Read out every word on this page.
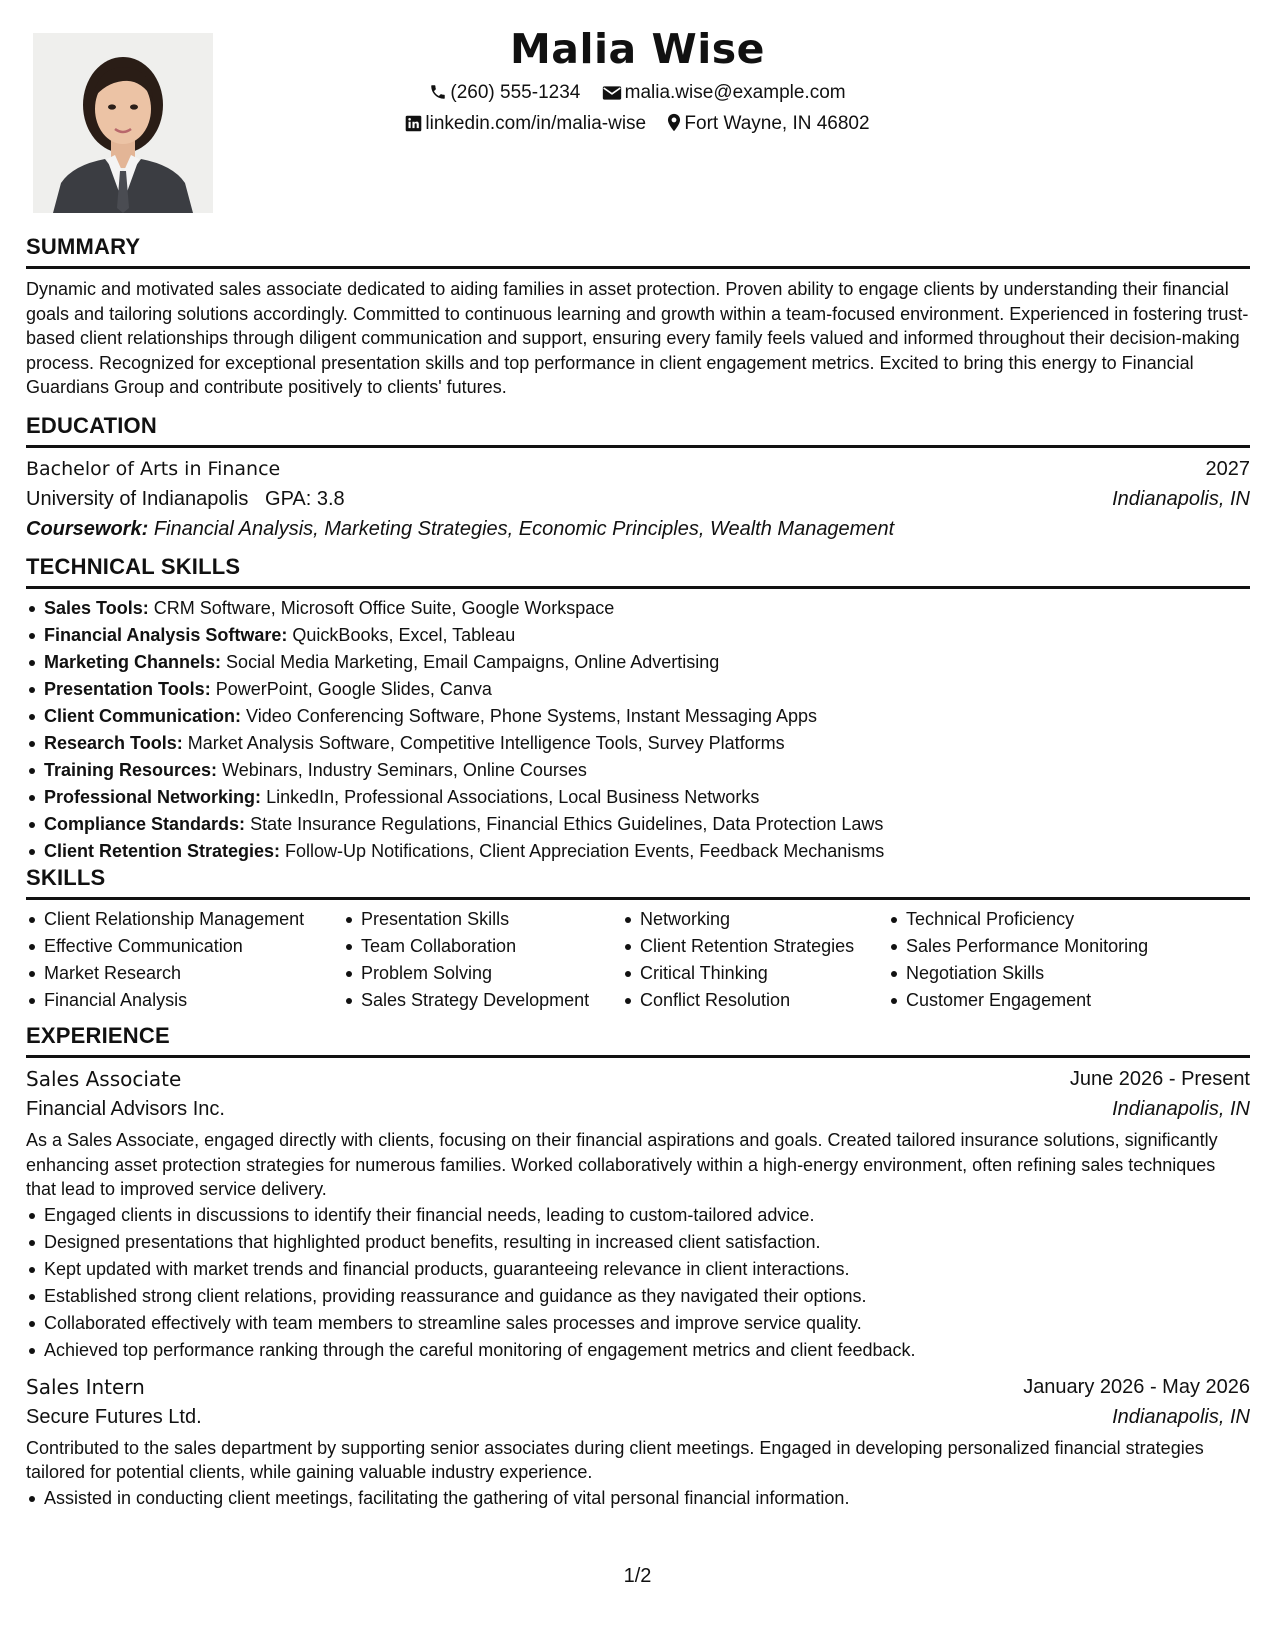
Malia Wise
(260) 555-1234 malia.wise@example.com
linkedin.com/in/malia-wise Fort Wayne, IN 46802
SUMMARY
Dynamic and motivated sales associate dedicated to aiding families in asset protection. Proven ability to engage clients by understanding their financial goals and tailoring solutions accordingly. Committed to continuous learning and growth within a team-focused environment. Experienced in fostering trust-based client relationships through diligent communication and support, ensuring every family feels valued and informed throughout their decision-making process. Recognized for exceptional presentation skills and top performance in client engagement metrics. Excited to bring this energy to Financial Guardians Group and contribute positively to clients' futures.
EDUCATION
Bachelor of Arts in Finance	2027
University of Indianapolis GPA: 3.8	Indianapolis, IN
Coursework: Financial Analysis, Marketing Strategies, Economic Principles, Wealth Management
TECHNICAL SKILLS
Sales Tools: CRM Software, Microsoft Office Suite, Google Workspace
Financial Analysis Software: QuickBooks, Excel, Tableau
Marketing Channels: Social Media Marketing, Email Campaigns, Online Advertising
Presentation Tools: PowerPoint, Google Slides, Canva
Client Communication: Video Conferencing Software, Phone Systems, Instant Messaging Apps
Research Tools: Market Analysis Software, Competitive Intelligence Tools, Survey Platforms
Training Resources: Webinars, Industry Seminars, Online Courses
Professional Networking: LinkedIn, Professional Associations, Local Business Networks
Compliance Standards: State Insurance Regulations, Financial Ethics Guidelines, Data Protection Laws
Client Retention Strategies: Follow-Up Notifications, Client Appreciation Events, Feedback Mechanisms
SKILLS
Client Relationship Management
Effective Communication
Market Research
Financial Analysis
Presentation Skills
Team Collaboration
Problem Solving
Sales Strategy Development
Networking
Client Retention Strategies
Critical Thinking
Conflict Resolution
Technical Proficiency
Sales Performance Monitoring
Negotiation Skills
Customer Engagement
EXPERIENCE
Sales Associate	June 2026 - Present
Financial Advisors Inc.	Indianapolis, IN
As a Sales Associate, engaged directly with clients, focusing on their financial aspirations and goals. Created tailored insurance solutions, significantly enhancing asset protection strategies for numerous families. Worked collaboratively within a high-energy environment, often refining sales techniques that lead to improved service delivery.
Engaged clients in discussions to identify their financial needs, leading to custom-tailored advice.
Designed presentations that highlighted product benefits, resulting in increased client satisfaction.
Kept updated with market trends and financial products, guaranteeing relevance in client interactions.
Established strong client relations, providing reassurance and guidance as they navigated their options.
Collaborated effectively with team members to streamline sales processes and improve service quality.
Achieved top performance ranking through the careful monitoring of engagement metrics and client feedback.
Sales Intern	January 2026 - May 2026
Secure Futures Ltd.	Indianapolis, IN
Contributed to the sales department by supporting senior associates during client meetings. Engaged in developing personalized financial strategies tailored for potential clients, while gaining valuable industry experience.
Assisted in conducting client meetings, facilitating the gathering of vital personal financial information.
1/2
